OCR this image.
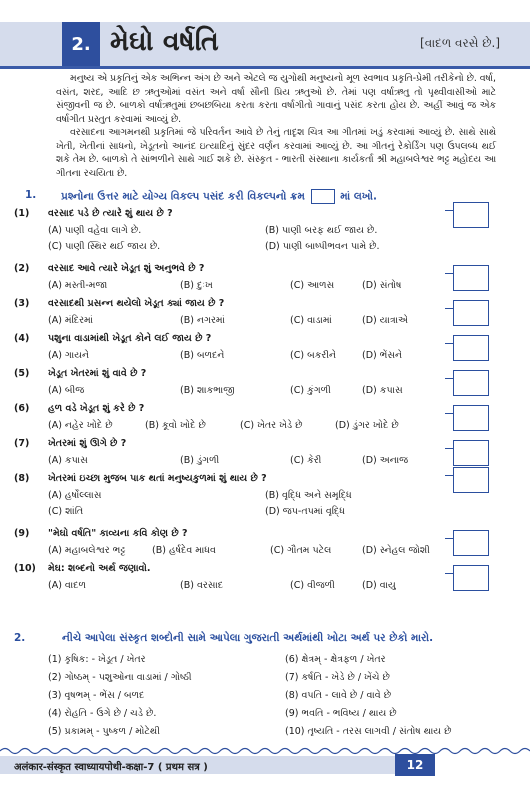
2. મેઘો વર્ષતિ	[વાદળ વરસે છે.]

મનુષ્ય એ પ્રકૃતિનું એક અભિન્ન અંગ છે અને એટલે જ યુગોથી મનુષ્યનો મૂળ સ્વભાવ પ્રકૃતિ-પ્રેમી તરીકેનો છે. વર્ષા, વસંત, શરદ, આદિ છ ઋતુઓમાં વસંત અને વર્ષા સૌની પ્રિય ઋતુઓ છે. તેમાં પણ વર્ષાઋતુ તો પૃથ્વીવાસીઓ માટે સંજીવની જ છે. બાળકો વર્ષાઋતુમાં છબછબિયા કરતા કરતા વર્ષાગીતો ગાવાનું પસંદ કરતા હોય છે. અહીં આવું જ એક વર્ષાગીત પ્રસ્તુત કરવામાં આવ્યું છે.

વરસાદના આગમનથી પ્રકૃતિમાં જે પરિવર્તન આવે છે તેનું તાદૃશ ચિત્ર આ ગીતમાં ખડું કરવામાં આવ્યું છે. સાથે સાથે ખેતી, ખેતીનાં સાધનો, ખેડૂતનો આનંદ ઇત્યાદિનું સુંદર વર્ણન કરવામાં આવ્યું છે. આ ગીતનું રેકોર્ડિંગ પણ ઉપલબ્ધ થઈ શકે તેમ છે. બાળકો તે સાંભળીને સાથે ગાઈ શકે છે. સંસ્કૃત - ભારતી સંસ્થાના કાર્યકર્તા શ્રી મહાબલેશ્વર ભટ્ટ મહોદય આ ગીતના રચયિતા છે.

1. પ્રશ્નોના ઉત્તર માટે યોગ્ય વિકલ્પ પસંદ કરી વિકલ્પનો ક્રમ	માં લખો.
(1) વરસાદ પડે છે ત્યારે શું થાય છે ?
(A) પાણી વહેવા લાગે છે.	(B) પાણી બરફ થઈ જાય છે.
(C) પાણી સ્થિર થઈ જાય છે.	(D) પાણી બાષ્પીભવન પામે છે.
(2) વરસાદ આવે ત્યારે ખેડૂત શું અનુભવે છે ?
(A) મસ્તી-મજા	(B) દુઃખ	(C) આળસ	(D) સંતોષ
(3) વરસાદથી પ્રસન્ન થયેલો ખેડૂત ક્યાં જાય છે ?
(A) મંદિરમાં	(B) નગરમાં	(C) વાડામાં	(D) યાત્રાએ
(4) પશુના વાડામાંથી ખેડૂત કોને લઈ જાય છે ?
(A) ગાયને	(B) બળદને	(C) બકરીને	(D) ભેંસને
(5) ખેડૂત ખેતરમાં શું વાવે છે ?
(A) બીજ	(B) શાકભાજી	(C) કુંગળી	(D) કપાસ
(6) હળ વડે ખેડૂત શું કરે છે ?
(A) નહેર ખોદે છે	(B) કૂવો ખોદે છે	(C) ખેતર ખેડે છે	(D) ડુંગર ખોદે છે
(7) ખેતરમાં શું ઊગે છે ?
(A) કપાસ	(B) ડુંગળી	(C) કેરી	(D) અનાજ
(8) ખેતરમાં ઇચ્છા મુજબ પાક થતાં મનુષ્યકુળમાં શું થાય છે ?
(A) હર્ષોલ્લાસ	(B) વૃદ્ધિ અને સમૃદ્ધિ
(C) શાંતિ	(D) જપ-તપમાં વૃદ્ધિ
(9) "મેઘો વર્ષતિ" કાવ્યના કવિ કોણ છે ?
(A) મહાબલેશ્વર ભટ્ટ	(B) હર્ષદેવ માધવ	(C) ગૌતમ પટેલ	(D) સ્નેહલ જોશી
(10) મેઘ: શબ્દનો અર્થ જણાવો.
(A) વાદળ	(B) વરસાદ	(C) વીજળી	(D) વાયુ
2.	નીચે આપેલા સંસ્કૃત શબ્દોની સામે આપેલા ગુજરાતી અર્થમાંથી ખોટા અર્થ પર છેકો મારો.
(1) કૃષિક: - ખેડૂત / ખેતર	(6) ક્ષેત્રમ્ - ક્ષેત્રફળ / ખેતર
(2) ગોષ્ઠમ્ - પશુઓના વાડામાં / ગોષ્ઠી	(7) કર્ષતિ - ખેડે છે / ખેંચે છે
(3) વૃષભમ્ - ભેંસ / બળદ	(8) વપતિ - લાવે છે / વાવે છે
(4) રોહતિ - ઉગે છે / ચડે છે.	(9) ભવતિ - ભવિષ્ય / થાય છે
(5) પ્રકામમ્ - પુષ્કળ / મોટેથી	(10) તૃષ્યતિ - તરસ લાગવી / સંતોષ થાય છે
अलंकार-संस्कृत स्वाध्यायपोथी-कक्षा-7 ( प्रथम सत्र )	12
